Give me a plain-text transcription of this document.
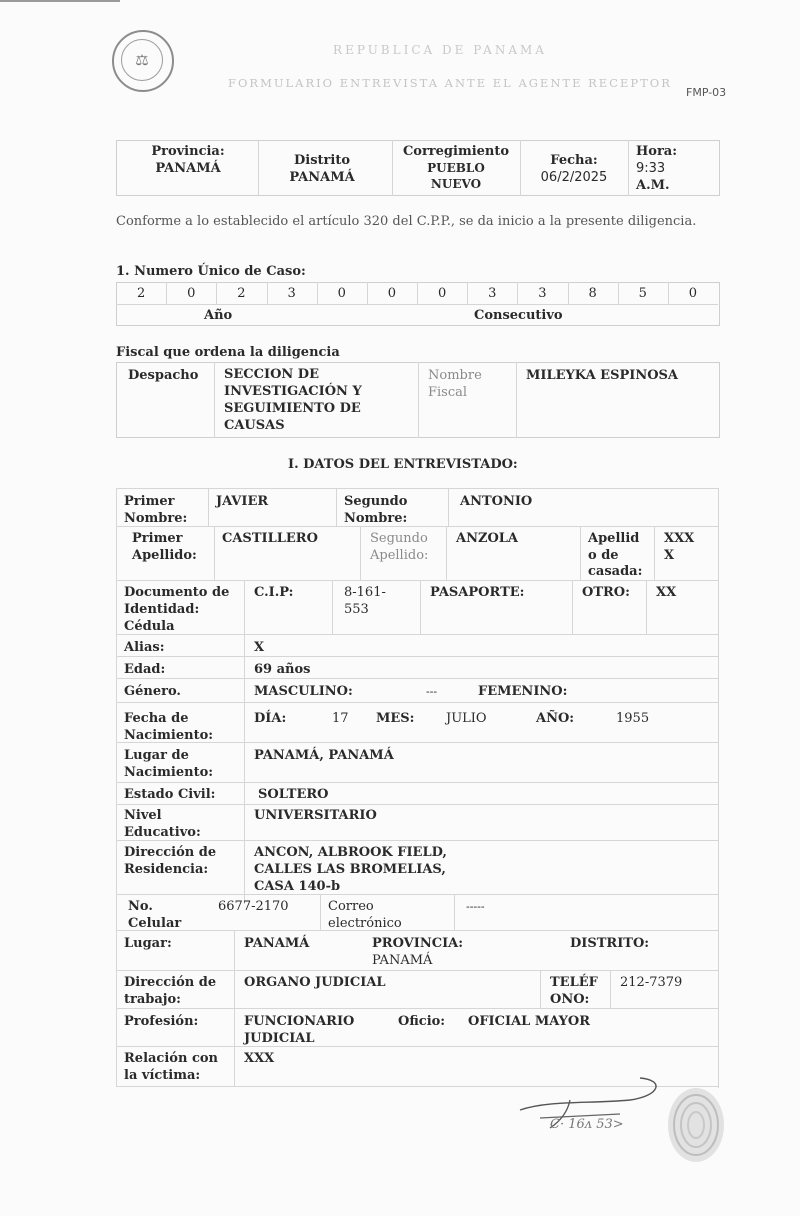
⚖
REPUBLICA DE PANAMA
FORMULARIO ENTREVISTA ANTE EL AGENTE RECEPTOR
FMP-03
Provincia:
PANAMÁ
Distrito
PANAMÁ
Corregimiento
PUEBLO
NUEVO
Fecha:
06/2/2025
Hora:
9:33
A.M.
Conforme a lo establecido el artículo 320 del C.P.P., se da inicio a la presente diligencia.
1. Numero Único de Caso:
2	0	2	3	0	0	0	3	3	8	5	0
Año	Consecutivo
Fiscal que ordena la diligencia
Despacho SECCION DE
INVESTIGACIÓN Y
SEGUIMIENTO DE
CAUSAS
Nombre
Fiscal
MILEYKA ESPINOSA
I. DATOS DEL ENTREVISTADO:
Primer
Nombre:
JAVIER	Segundo
Nombre:
ANTONIO
Primer
Apellido:
CASTILLERO	Segundo
Apellido:
ANZOLA	Apellid
o de
casada:
XXX
X
Documento de
Identidad:
Cédula
C.I.P:	8-161-
553
PASAPORTE:	OTRO: XX
Alias:	X
Edad:	69 años
Género.	MASCULINO:	---	FEMENINO:
Fecha de
Nacimiento:
DÍA:	17 MES: JULIO	AÑO:	1955
Lugar de
Nacimiento:
PANAMÁ, PANAMÁ
Estado Civil:	SOLTERO
Nivel
Educativo:
UNIVERSITARIO
Dirección de
Residencia:
ANCON, ALBROOK FIELD,
CALLES LAS BROMELIAS,
CASA 140-b
No.
Celular
6677-2170	Correo
electrónico
-----
Lugar:	PANAMÁ	PROVINCIA:
PANAMÁ
DISTRITO:
Dirección de
trabajo:
ORGANO JUDICIAL	TELÉF
ONO:
212-7379
Profesión:	FUNCIONARIO
JUDICIAL
Oficio: OFICIAL MAYOR
Relación con
la víctima:
XXX
C· 16ᴧ 53>
